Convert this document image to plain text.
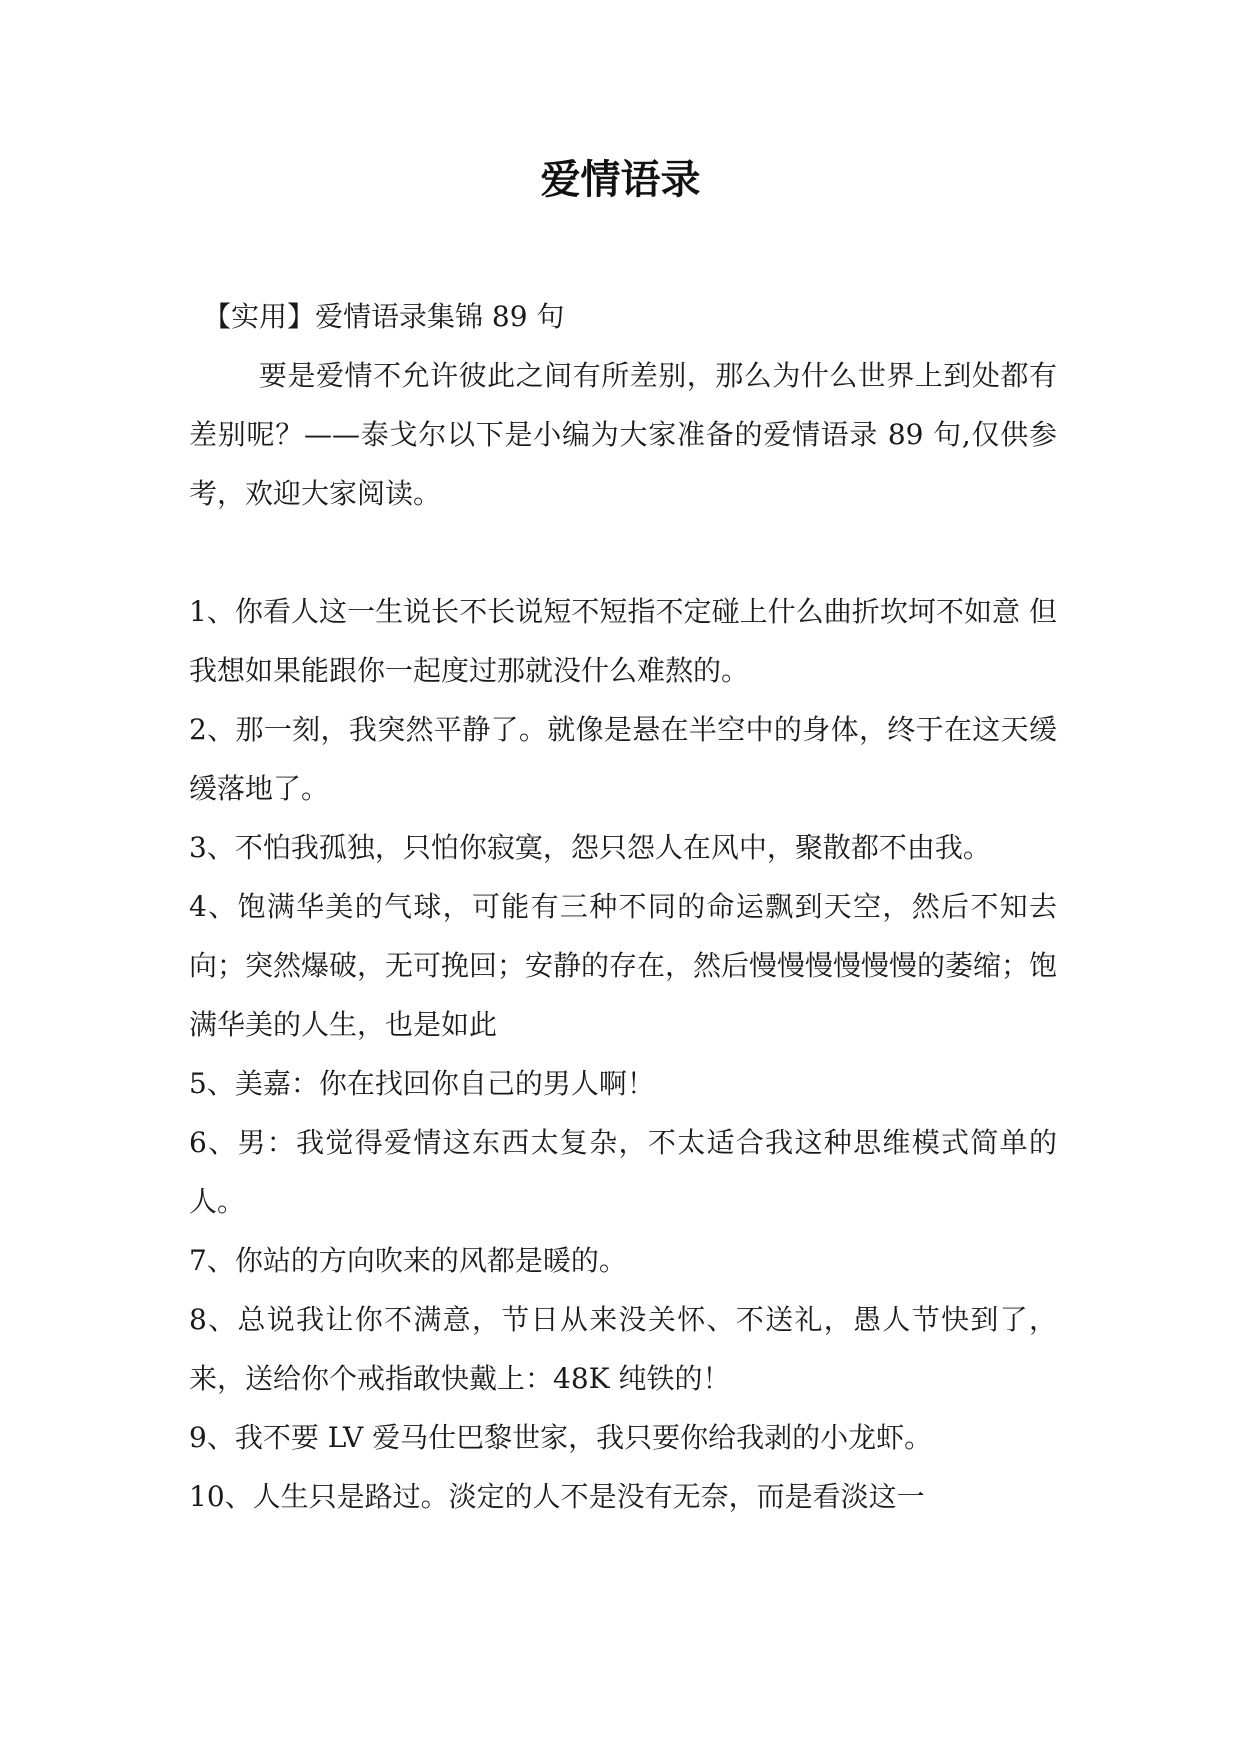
爱情语录

【实用】爱情语录集锦 89 句

要是爱情不允许彼此之间有所差别，那么为什么世界上到处都有差别呢？——泰戈尔以下是小编为大家准备的爱情语录 89 句,仅供参考，欢迎大家阅读。

1、你看人这一生说长不长说短不短指不定碰上什么曲折坎坷不如意 但我想如果能跟你一起度过那就没什么难熬的。

2、那一刻，我突然平静了。就像是悬在半空中的身体，终于在这天缓缓落地了。

3、不怕我孤独，只怕你寂寞，怨只怨人在风中，聚散都不由我。

4、饱满华美的气球，可能有三种不同的命运飘到天空，然后不知去向；突然爆破，无可挽回；安静的存在，然后慢慢慢慢慢慢的萎缩；饱满华美的人生，也是如此

5、美嘉：你在找回你自己的男人啊！

6、男：我觉得爱情这东西太复杂，不太适合我这种思维模式简单的人。

7、你站的方向吹来的风都是暖的。

8、总说我让你不满意，节日从来没关怀、不送礼，愚人节快到了，来，送给你个戒指敢快戴上：48K 纯铁的！

9、我不要 LV 爱马仕巴黎世家，我只要你给我剥的小龙虾。

10、人生只是路过。淡定的人不是没有无奈，而是看淡这一
